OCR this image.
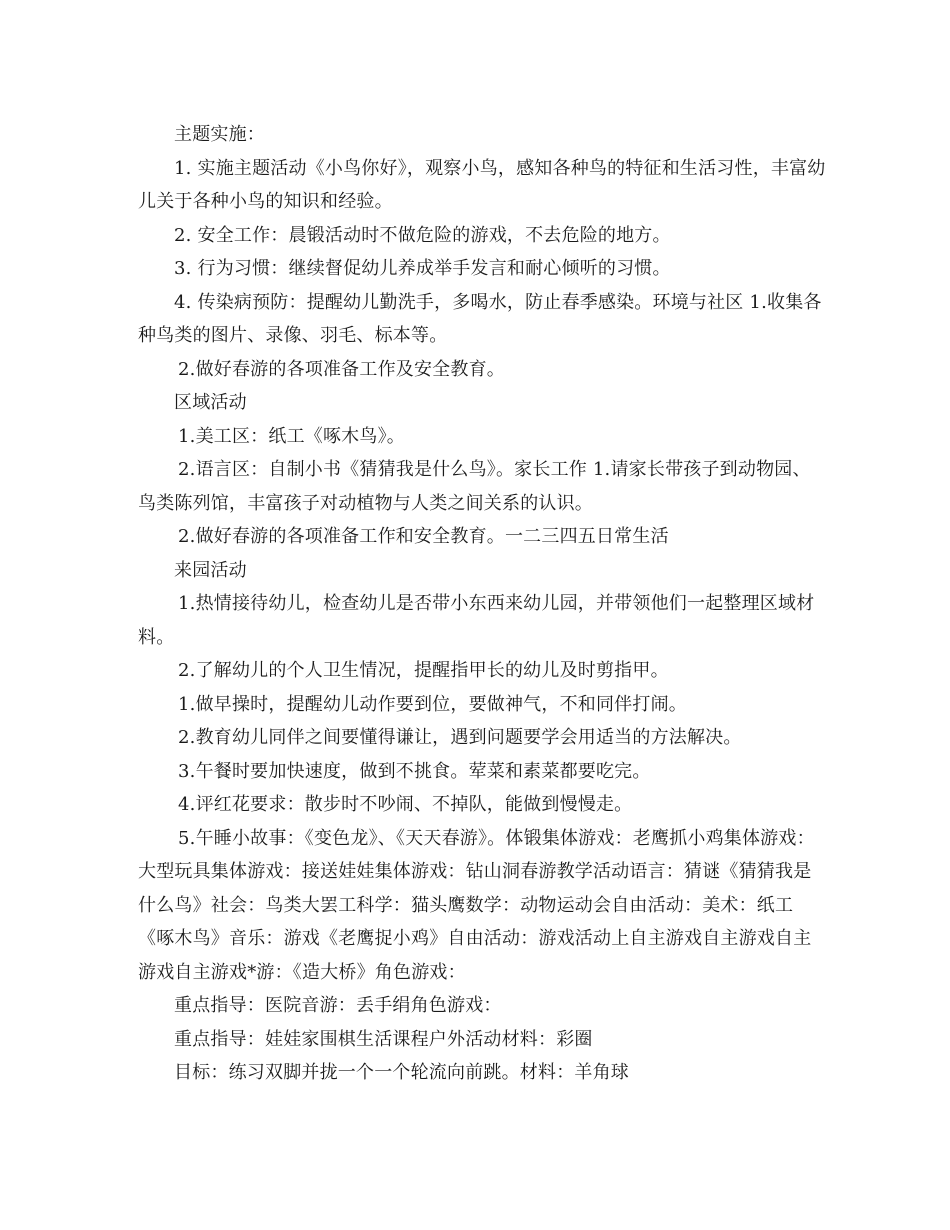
主题实施：

1. 实施主题活动《小鸟你好》，观察小鸟，感知各种鸟的特征和生活习性，丰富幼儿关于各种小鸟的知识和经验。

2. 安全工作：晨锻活动时不做危险的游戏，不去危险的地方。

3. 行为习惯：继续督促幼儿养成举手发言和耐心倾听的习惯。

4. 传染病预防：提醒幼儿勤洗手，多喝水，防止春季感染。环境与社区 1.收集各种鸟类的图片、录像、羽毛、标本等。

2.做好春游的各项准备工作及安全教育。

区域活动

1.美工区：纸工《啄木鸟》。

2.语言区：自制小书《猜猜我是什么鸟》。家长工作 1.请家长带孩子到动物园、鸟类陈列馆，丰富孩子对动植物与人类之间关系的认识。

2.做好春游的各项准备工作和安全教育。一二三四五日常生活

来园活动

1.热情接待幼儿，检查幼儿是否带小东西来幼儿园，并带领他们一起整理区域材料。

2.了解幼儿的个人卫生情况，提醒指甲长的幼儿及时剪指甲。

1.做早操时，提醒幼儿动作要到位，要做神气，不和同伴打闹。

2.教育幼儿同伴之间要懂得谦让，遇到问题要学会用适当的方法解决。

3.午餐时要加快速度，做到不挑食。荤菜和素菜都要吃完。

4.评红花要求：散步时不吵闹、不掉队，能做到慢慢走。

5.午睡小故事：《变色龙》、《天天春游》。体锻集体游戏：老鹰抓小鸡集体游戏：大型玩具集体游戏：接送娃娃集体游戏：钻山洞春游教学活动语言：猜谜《猜猜我是什么鸟》社会：鸟类大罢工科学：猫头鹰数学：动物运动会自由活动：美术：纸工《啄木鸟》音乐：游戏《老鹰捉小鸡》自由活动：游戏活动上自主游戏自主游戏自主游戏自主游戏*游：《造大桥》角色游戏：

重点指导：医院音游：丢手绢角色游戏：

重点指导：娃娃家围棋生活课程户外活动材料：彩圈

目标：练习双脚并拢一个一个轮流向前跳。材料：羊角球
